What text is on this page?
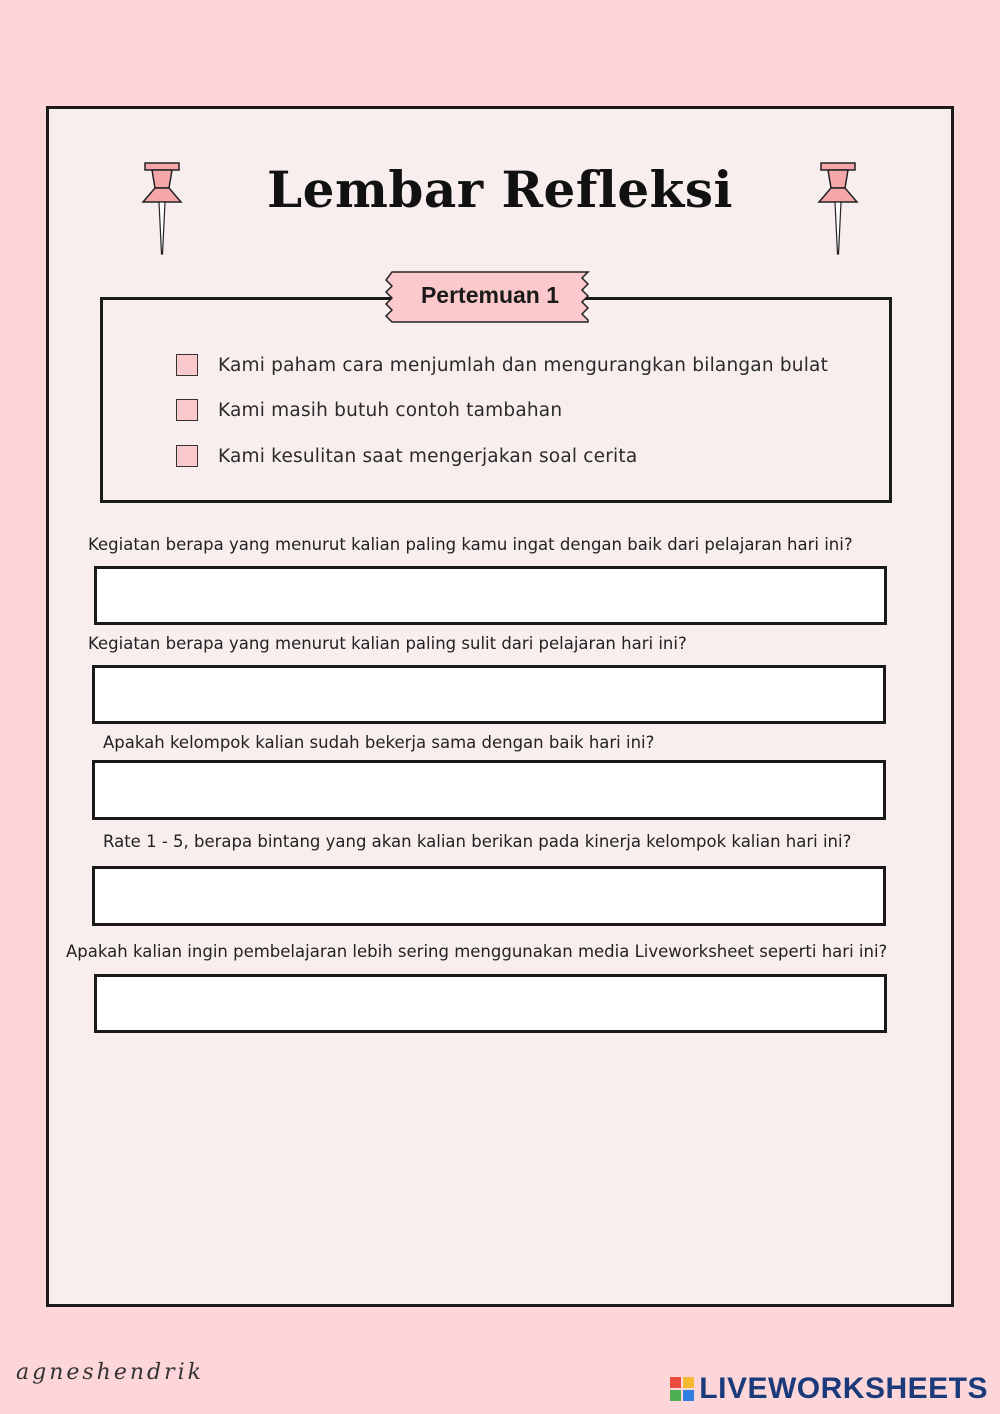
Lembar Refleksi
Pertemuan 1
Kami paham cara menjumlah dan mengurangkan bilangan bulat
Kami masih butuh contoh tambahan
Kami kesulitan saat mengerjakan soal cerita
Kegiatan berapa yang menurut kalian paling kamu ingat dengan baik dari pelajaran hari ini?
Kegiatan berapa yang menurut kalian paling sulit dari pelajaran hari ini?
Apakah kelompok kalian sudah bekerja sama dengan baik hari ini?
Rate 1 - 5, berapa bintang yang akan kalian berikan pada kinerja kelompok kalian hari ini?
Apakah kalian ingin pembelajaran lebih sering menggunakan media Liveworksheet seperti hari ini?
agneshendrik	LIVEWORKSHEETS
